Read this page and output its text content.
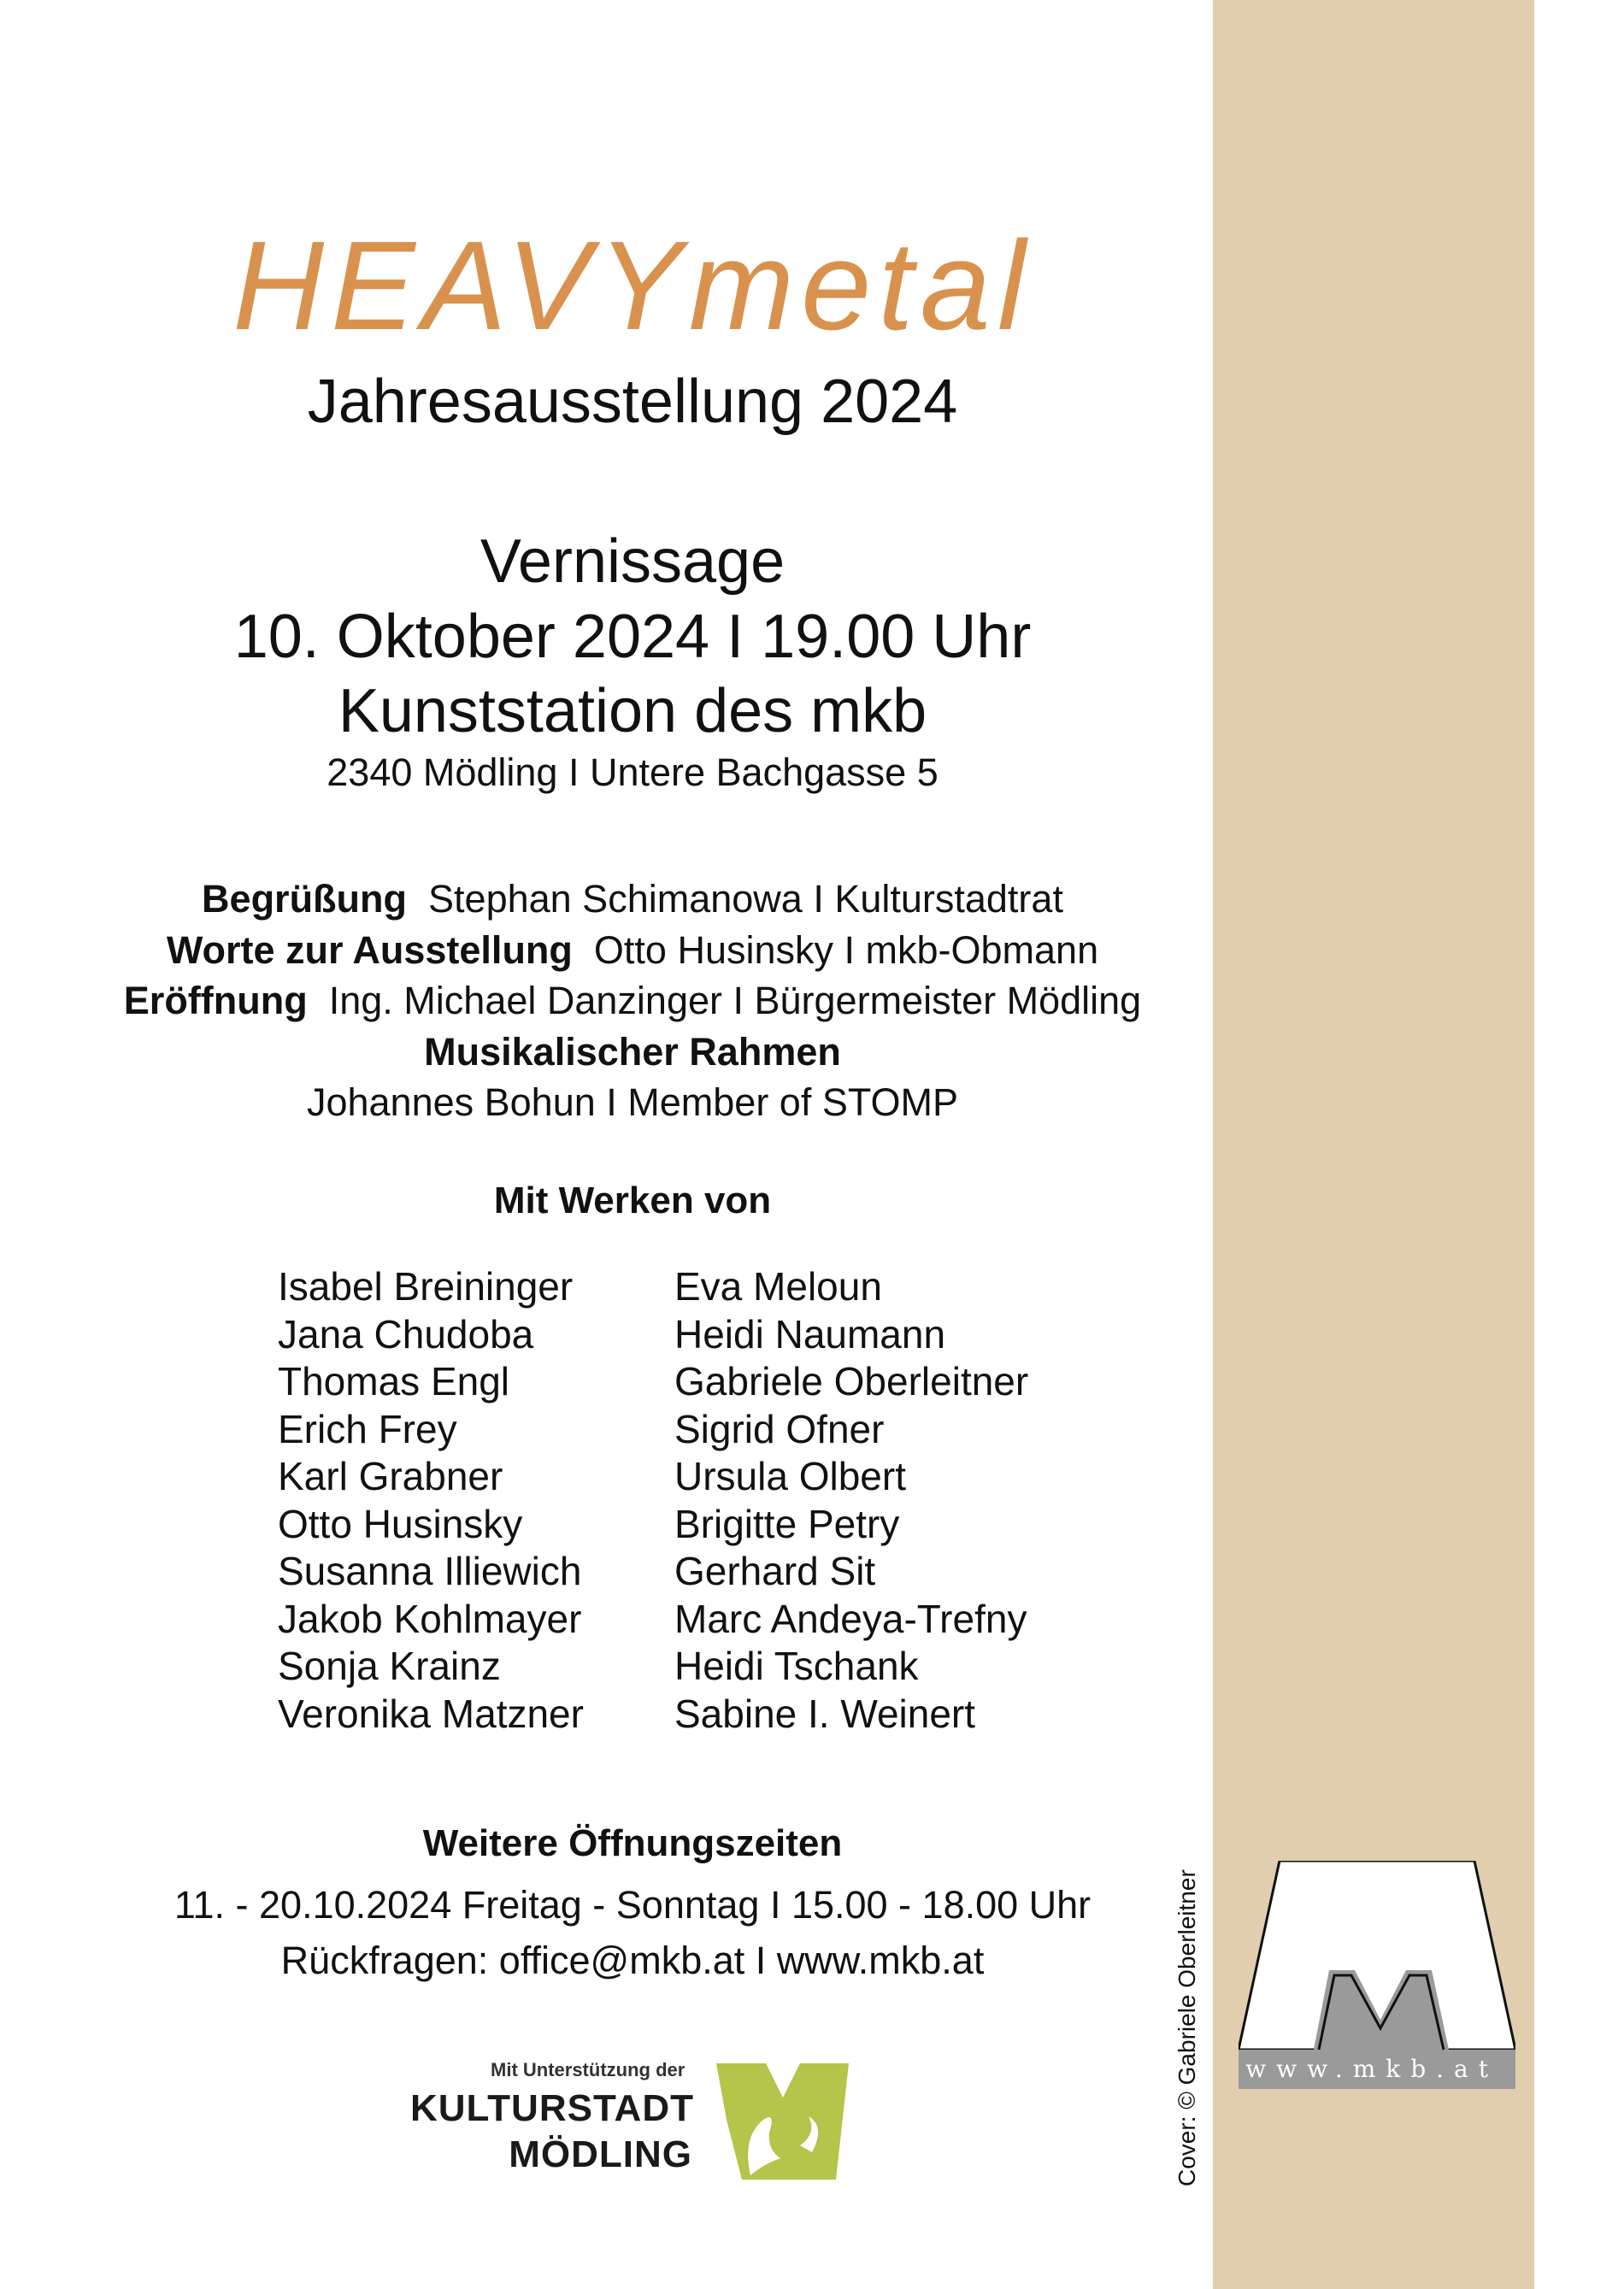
HEAVYmetal
Jahresausstellung 2024
Vernissage
10. Oktober 2024 I 19.00 Uhr
Kunststation des mkb
2340 Mödling I Untere Bachgasse 5
Begrüßung Stephan Schimanowa I Kulturstadtrat
Worte zur Ausstellung Otto Husinsky I mkb-Obmann
Eröffnung Ing. Michael Danzinger I Bürgermeister Mödling
Musikalischer Rahmen
Johannes Bohun I Member of STOMP
Mit Werken von
Isabel Breininger
Jana Chudoba
Thomas Engl
Erich Frey
Karl Grabner
Otto Husinsky
Susanna Illiewich
Jakob Kohlmayer
Sonja Krainz
Veronika Matzner
Eva Meloun
Heidi Naumann
Gabriele Oberleitner
Sigrid Ofner
Ursula Olbert
Brigitte Petry
Gerhard Sit
Marc Andeya-Trefny
Heidi Tschank
Sabine I. Weinert
Weitere Öffnungszeiten
11. - 20.10.2024 Freitag - Sonntag I 15.00 - 18.00 Uhr
Rückfragen: office@mkb.at I www.mkb.at
Mit Unterstützung der
KULTURSTADT
MÖDLING	Cover: © Gabriele Oberleitner www.mkb.at
